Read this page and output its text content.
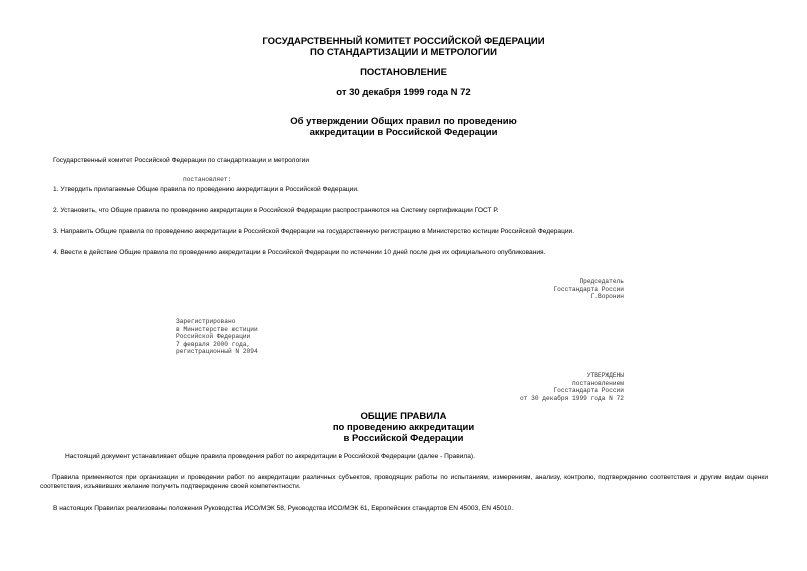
ГОСУДАРСТВЕННЫЙ КОМИТЕТ РОССИЙСКОЙ ФЕДЕРАЦИИ
ПО СТАНДАРТИЗАЦИИ И МЕТРОЛОГИИ
ПОСТАНОВЛЕНИЕ
от 30 декабря 1999 года N 72
Об утверждении Общих правил по проведению
аккредитации в Российской Федерации
Государственный комитет Российской Федерации по стандартизации и метрологии
постановляет:
1. Утвердить прилагаемые Общие правила по проведению аккредитации в Российской Федерации.
2. Установить, что Общие правила по проведению аккредитации в Российской Федерации распространяются на Систему сертификации ГОСТ Р.
3. Направить Общие правила по проведению аккредитации в Российской Федерации на государственную регистрацию в Министерство юстиции Российской Федерации.
4. Ввести в действие Общие правила по проведению аккредитации в Российской Федерации по истечении 10 дней после дня их официального опубликования.
Председатель
Госстандарта России
Г.Воронин
Зарегистрировано
в Министерстве юстиции
Российской Федерации
7 февраля 2000 года,
регистрационный N 2094
УТВЕРЖДЕНЫ
постановлением
Госстандарта России
от 30 декабря 1999 года N 72
ОБЩИЕ ПРАВИЛА
по проведению аккредитации
в Российской Федерации
Настоящий документ устанавливает общие правила проведения работ по аккредитации в Российской Федерации (далее - Правила).
Правила применяются при организации и проведении работ по аккредитации различных субъектов, проводящих работы по испытаниям, измерениям, анализу, контролю, подтверждению соответствия и другим видам оценки соответствия, изъявивших желание получить подтверждение своей компетентности.
В настоящих Правилах реализованы положения Руководства ИСО/МЭК 58, Руководства ИСО/МЭК 61, Европейских стандартов EN 45003, EN 45010.
